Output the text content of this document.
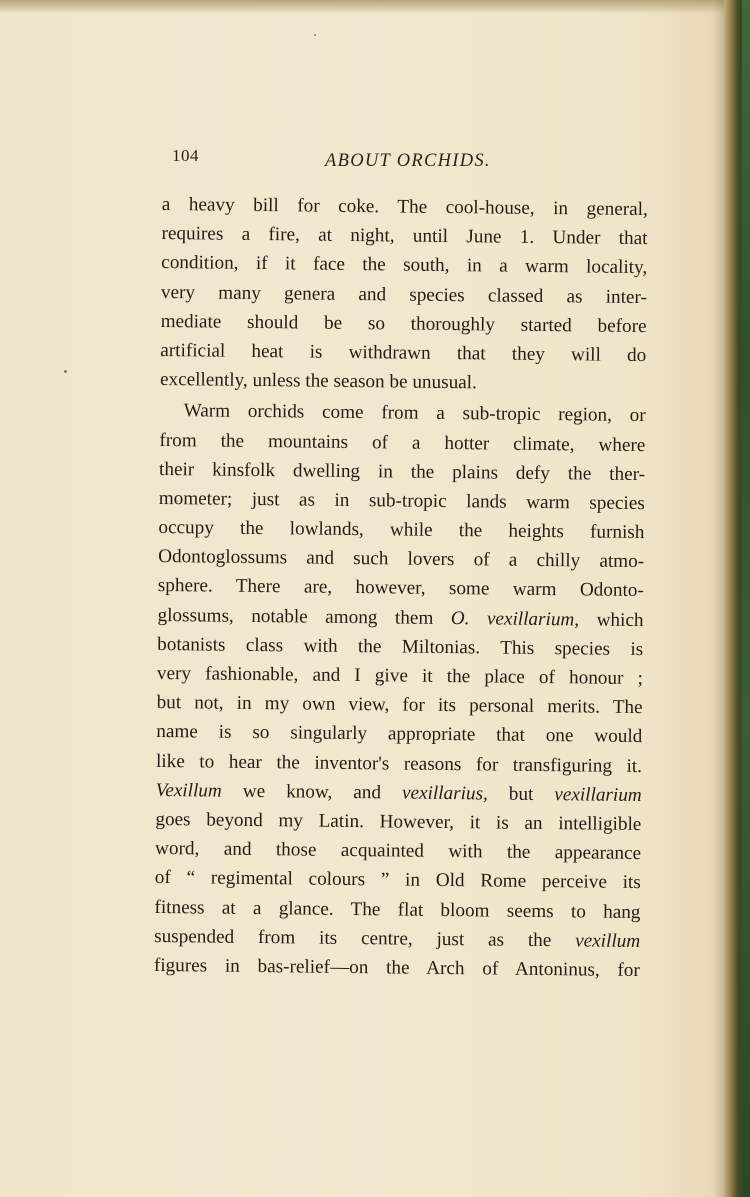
104	ABOUT ORCHIDS.
a heavy bill for coke. The cool-house, in general,
requires a fire, at night, until June 1. Under that
condition, if it face the south, in a warm locality,
very many genera and species classed as inter-
mediate should be so thoroughly started before
artificial heat is withdrawn that they will do
excellently, unless the season be unusual.
Warm orchids come from a sub-tropic region, or
from the mountains of a hotter climate, where
their kinsfolk dwelling in the plains defy the ther-
mometer; just as in sub-tropic lands warm species
occupy the lowlands, while the heights furnish
Odontoglossums and such lovers of a chilly atmo-
sphere. There are, however, some warm Odonto-
glossums, notable among them O. vexillarium, which
botanists class with the Miltonias. This species is
very fashionable, and I give it the place of honour ;
but not, in my own view, for its personal merits. The
name is so singularly appropriate that one would
like to hear the inventor's reasons for transfiguring it.
Vexillum we know, and vexillarius, but vexillarium
goes beyond my Latin. However, it is an intelligible
word, and those acquainted with the appearance
of “ regimental colours ” in Old Rome perceive its
fitness at a glance. The flat bloom seems to hang
suspended from its centre, just as the vexillum
figures in bas-relief—on the Arch of Antoninus, for
